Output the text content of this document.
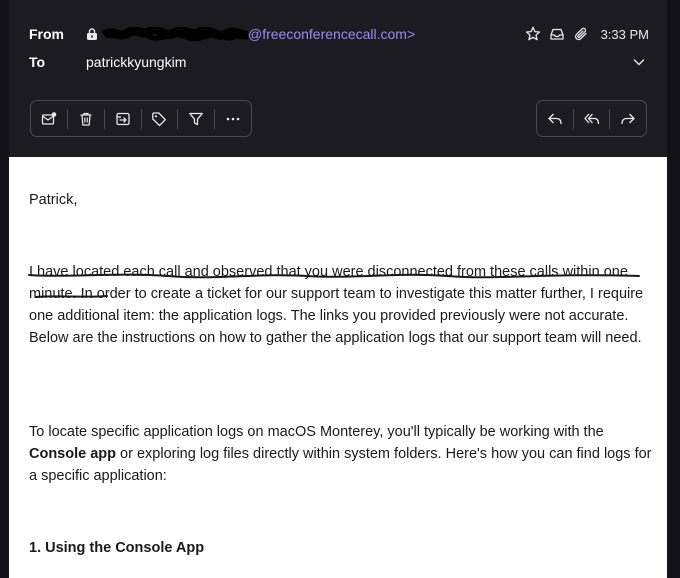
From	@freeconferencecall.com>	3:33 PM
To	patrickkyungkim

Patrick,

I have located each call and observed that you were disconnected from these calls within one minute. In order to create a ticket for our support team to investigate this matter further, I require one additional item: the application logs. The links you provided previously were not accurate. Below are the instructions on how to gather the application logs that our support team will need.

To locate specific application logs on macOS Monterey, you'll typically be working with the Console app or exploring log files directly within system folders. Here's how you can find logs for a specific application:

1. Using the Console App
